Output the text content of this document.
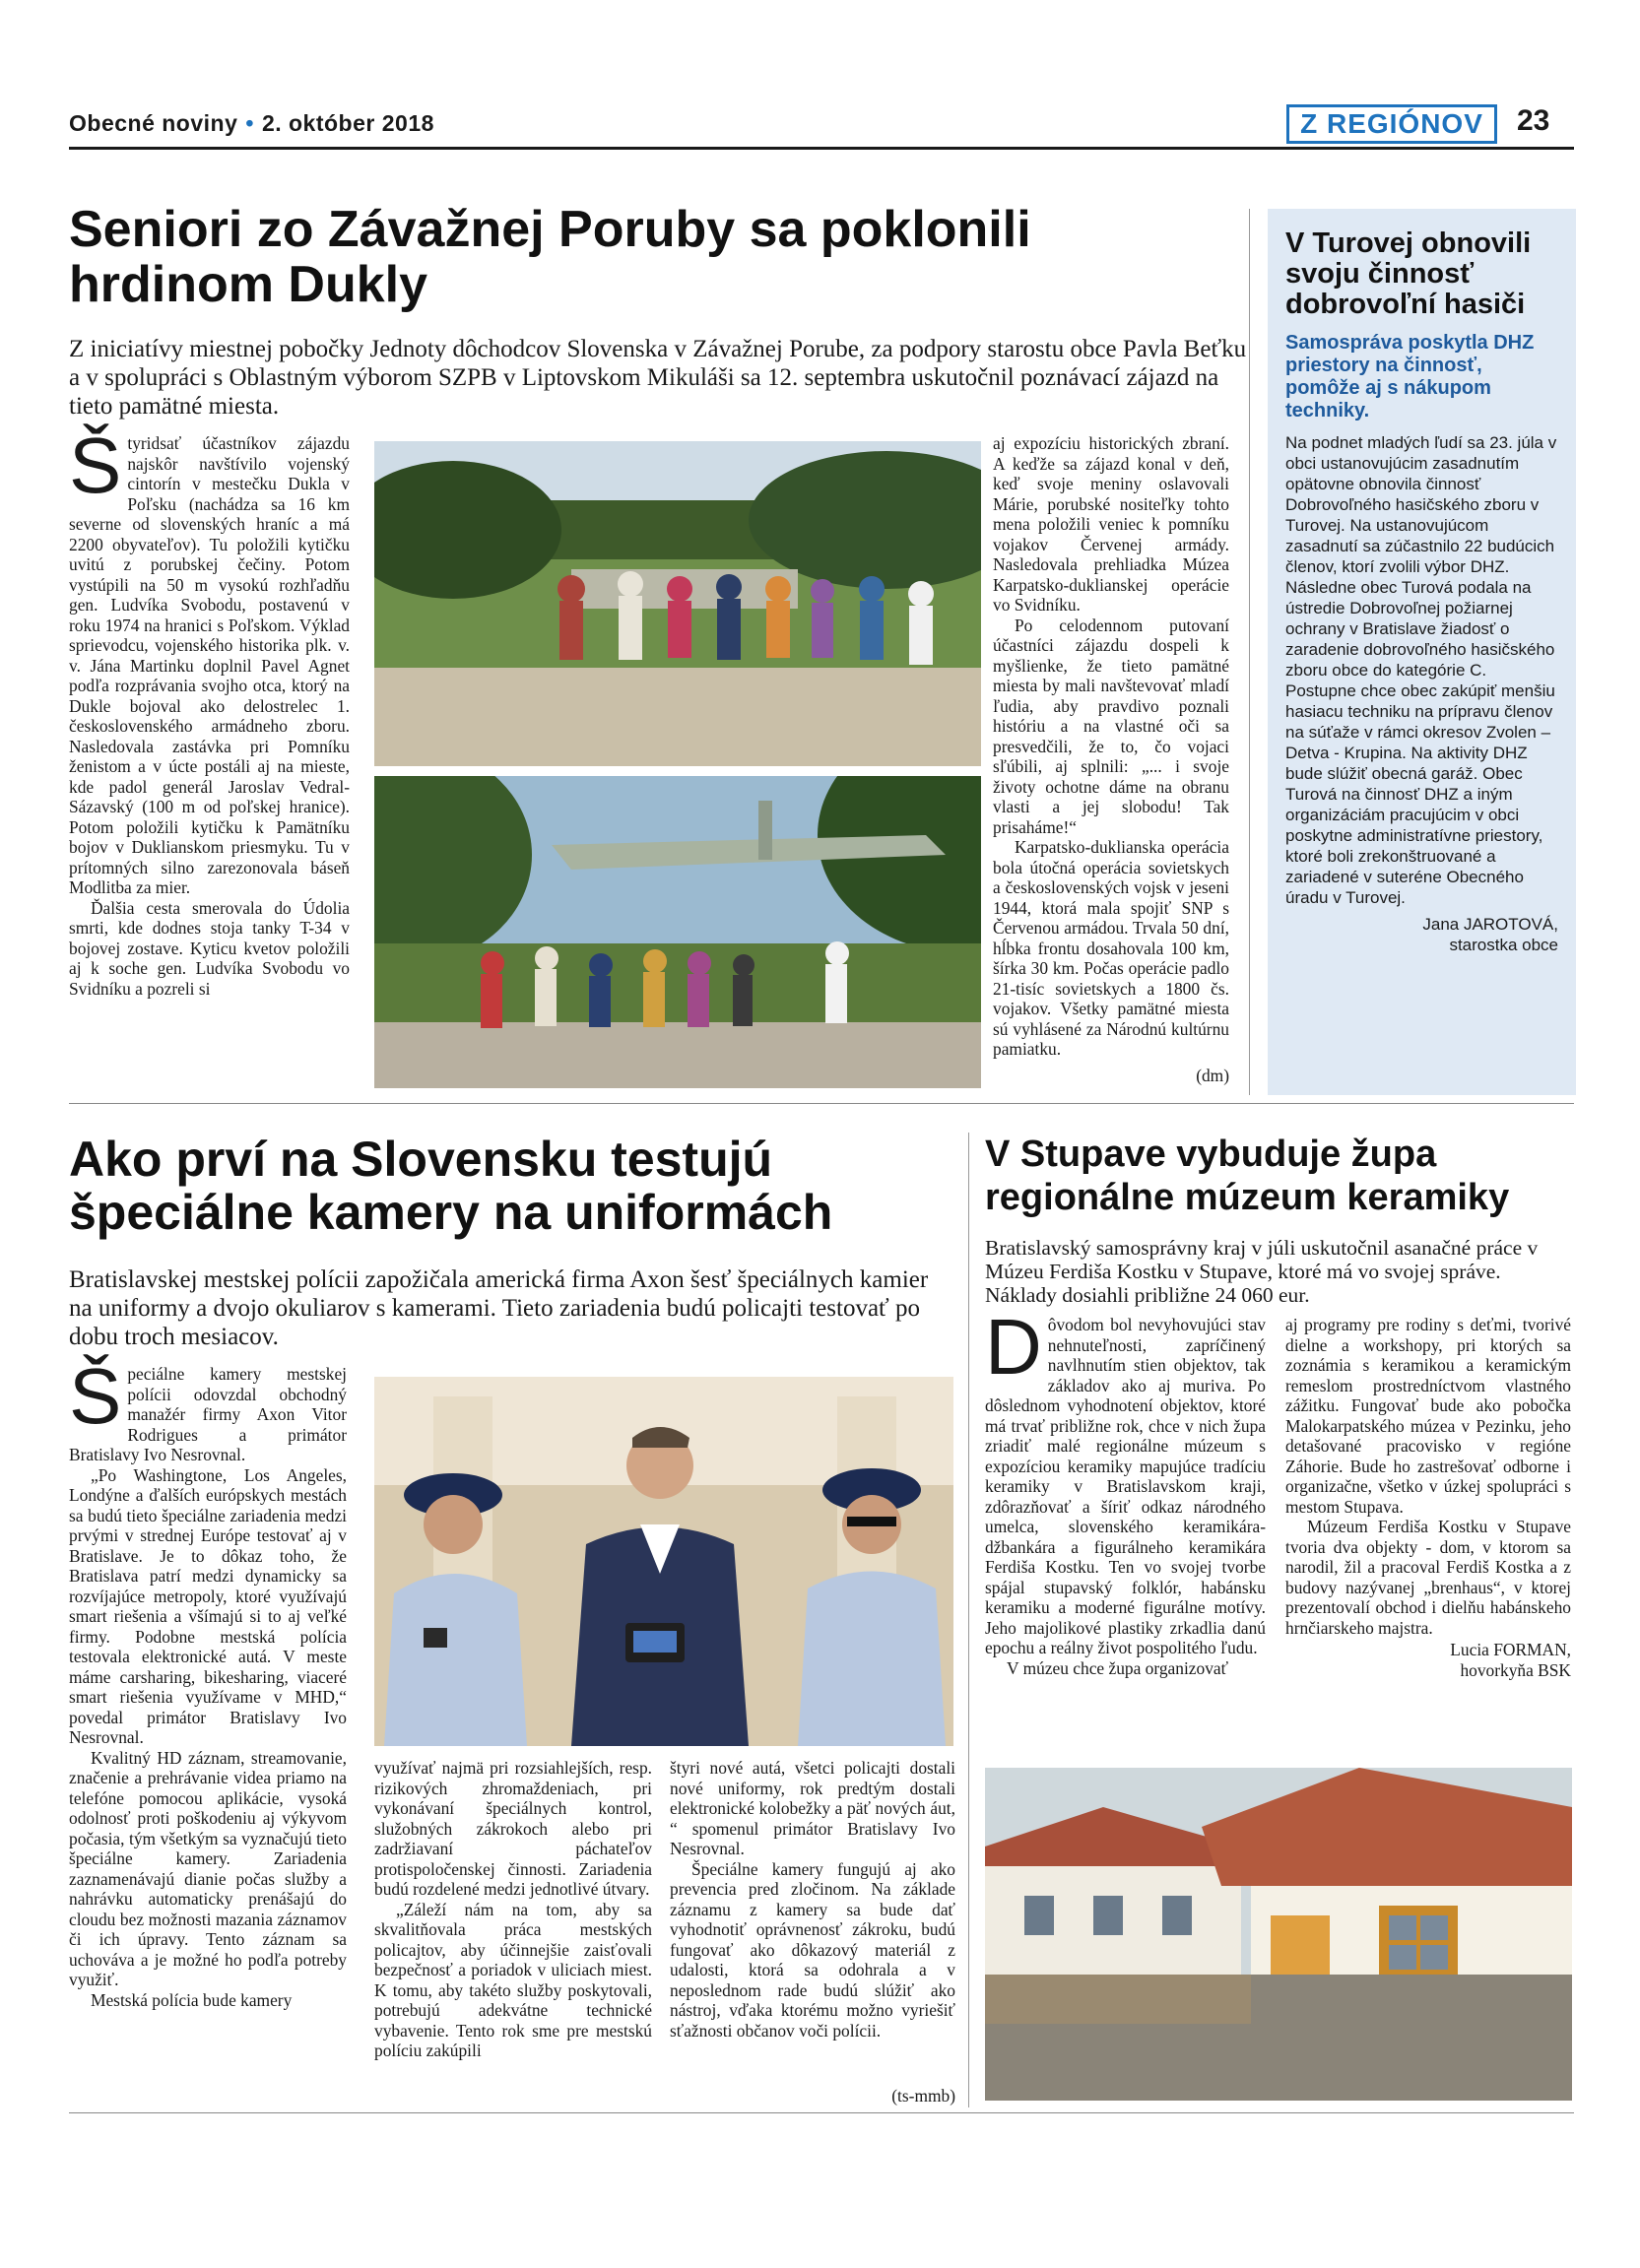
Obecné noviny • 2. október 2018	Z REGIÓNOV	23
Seniori zo Závažnej Poruby sa poklonili
hrdinom Dukly
Z iniciatívy miestnej pobočky Jednoty dôchodcov Slovenska v Závažnej Porube, za podpory starostu obce Pavla Beťku a v spolupráci s Oblastným výborom SZPB v Liptovskom Mikuláši sa 12. septembra uskutočnil poznávací zájazd na tieto pamätné miesta.
Š tyridsať účastníkov zájazdu najskôr navštívilo vojenský cintorín v mestečku Dukla v Poľsku (nachádza sa 16 km severne od slovenských hraníc a má 2200 obyvateľov). Tu položili kytičku uvitú z porubskej čečiny. Potom vystúpili na 50 m vysokú rozhľadňu gen. Ludvíka Svobodu, postavenú v roku 1974 na hranici s Poľskom. Výklad sprievodcu, vojenského historika plk. v. v. Jána Martinku doplnil Pavel Agnet podľa rozprávania svojho otca, ktorý na Dukle bojoval ako delostrelec 1. československého armádneho zboru. Nasledovala zastávka pri Pomníku ženistom a v úcte postáli aj na mieste, kde padol generál Jaroslav Vedral-Sázavský (100 m od poľskej hranice). Potom položili kytičku k Pamätníku bojov v Duklianskom priesmyku. Tu v prítomných silno zarezonovala báseň Modlitba za mier.

Ďalšia cesta smerovala do Údolia smrti, kde dodnes stoja tanky T-34 v bojovej zostave. Kyticu kvetov položili aj k soche gen. Ludvíka Svobodu vo Svidníku a pozreli si

aj expozíciu historických zbraní. A keďže sa zájazd konal v deň, keď svoje meniny oslavovali Márie, porubské nositeľky tohto mena položili veniec k pomníku vojakov Červenej armády. Nasledovala prehliadka Múzea Karpatsko-duklianskej operácie vo Svidníku.

Po celodennom putovaní účastníci zájazdu dospeli k myšlienke, že tieto pamätné miesta by mali navštevovať mladí ľudia, aby pravdivo poznali históriu a na vlastné oči sa presvedčili, že to, čo vojaci sľúbili, aj splnili: „... i svoje životy ochotne dáme na obranu vlasti a jej slobodu! Tak prisaháme!“

Karpatsko-duklianska operácia bola útočná operácia sovietskych a československých vojsk v jeseni 1944, ktorá mala spojiť SNP s Červenou armádou. Trvala 50 dní, hĺbka frontu dosahovala 100 km, šírka 30 km. Počas operácie padlo 21-tisíc sovietskych a 1800 čs. vojakov. Všetky pamätné miesta sú vyhlásené za Národnú kultúrnu pamiatku.

(dm)
V Turovej obnovili svoju činnosť dobrovoľní hasiči
Samospráva poskytla DHZ priestory na činnosť, pomôže aj s nákupom techniky.
Na podnet mladých ľudí sa 23. júla v obci ustanovujúcim zasadnutím opätovne obnovila činnosť Dobrovoľného hasičského zboru v Turovej. Na ustanovujúcom zasadnutí sa zúčastnilo 22 budúcich členov, ktorí zvolili výbor DHZ. Následne obec Turová podala na ústredie Dobrovoľnej požiarnej ochrany v Bratislave žiadosť o zaradenie dobrovoľného hasičského zboru obce do kategórie C. Postupne chce obec zakúpiť menšiu hasiacu techniku na prípravu členov na súťaže v rámci okresov Zvolen – Detva - Krupina. Na aktivity DHZ bude slúžiť obecná garáž. Obec Turová na činnosť DHZ a iným organizáciám pracujúcim v obci poskytne administratívne priestory, ktoré boli zrekonštruované a zariadené v suteréne Obecného úradu v Turovej.
Jana JAROTOVÁ,
starostka obce
Ako prví na Slovensku testujú
špeciálne kamery na uniformách
Bratislavskej mestskej polícii zapožičala americká firma Axon šesť špeciálnych kamier na uniformy a dvojo okuliarov s kamerami. Tieto zariadenia budú policajti testovať po dobu troch mesiacov.
Š peciálne kamery mestskej polícii odovzdal obchodný manažér firmy Axon Vitor Rodrigues a primátor Bratislavy Ivo Nesrovnal.

„Po Washingtone, Los Angeles, Londýne a ďalších európskych mestách sa budú tieto špeciálne zariadenia medzi prvými v strednej Európe testovať aj v Bratislave. Je to dôkaz toho, že Bratislava patrí medzi dynamicky sa rozvíjajúce metropoly, ktoré využívajú smart riešenia a všímajú si to aj veľké firmy. Podobne mestská polícia testovala elektronické autá. V meste máme carsharing, bikesharing, viaceré smart riešenia využívame v MHD,“ povedal primátor Bratislavy Ivo Nesrovnal.

Kvalitný HD záznam, streamovanie, značenie a prehrávanie videa priamo na telefóne pomocou aplikácie, vysoká odolnosť proti poškodeniu aj výkyvom počasia, tým všetkým sa vyznačujú tieto špeciálne kamery. Zariadenia zaznamenávajú dianie počas služby a nahrávku automaticky prenášajú do cloudu bez možnosti mazania záznamov či ich úpravy. Tento záznam sa uchováva a je možné ho podľa potreby využiť.

Mestská polícia bude kamery

využívať najmä pri rozsiahlejších, resp. rizikových zhromaždeniach, pri vykonávaní špeciálnych kontrol, služobných zákrokoch alebo pri zadržiavaní páchateľov protispoločenskej činnosti. Zariadenia budú rozdelené medzi jednotlivé útvary.

„Záleží nám na tom, aby sa skvalitňovala práca mestských policajtov, aby účinnejšie zaisťovali bezpečnosť a poriadok v uliciach miest. K tomu, aby takéto služby poskytovali, potrebujú adekvátne technické vybavenie. Tento rok sme pre mestskú políciu zakúpili

štyri nové autá, všetci policajti dostali nové uniformy, rok predtým dostali elektronické kolobežky a päť nových áut, “ spomenul primátor Bratislavy Ivo Nesrovnal.

Špeciálne kamery fungujú aj ako prevencia pred zločinom. Na základe záznamu z kamery sa bude dať vyhodnotiť oprávnenosť zákroku, budú fungovať ako dôkazový materiál z udalosti, ktorá sa odohrala a v neposlednom rade budú slúžiť ako nástroj, vďaka ktorému možno vyriešiť sťažnosti občanov voči polícii.

(ts-mmb)
V Stupave vybuduje župa
regionálne múzeum keramiky
Bratislavský samosprávny kraj v júli uskutočnil asanačné práce v Múzeu Ferdiša Kostku v Stupave, ktoré má vo svojej správe. Náklady dosiahli približne 24 060 eur.
D ôvodom bol nevyhovujúci stav nehnuteľnosti, zapríčinený navlhnutím stien objektov, tak základov ako aj muriva. Po dôslednom vyhodnotení objektov, ktoré má trvať približne rok, chce v nich župa zriadiť malé regionálne múzeum s expozíciou keramiky mapujúce tradíciu keramiky v Bratislavskom kraji, zdôrazňovať a šíriť odkaz národného umelca, slovenského keramikára-džbankára a figurálneho keramikára Ferdiša Kostku. Ten vo svojej tvorbe spájal stupavský folklór, habánsku keramiku a moderné figurálne motívy. Jeho majolikové plastiky zrkadlia danú epochu a reálny život pospolitého ľudu.

V múzeu chce župa organizovať

aj programy pre rodiny s deťmi, tvorivé dielne a workshopy, pri ktorých sa zoznámia s keramikou a keramickým remeslom prostredníctvom vlastného zážitku. Fungovať bude ako pobočka Malokarpatského múzea v Pezinku, jeho detašované pracovisko v regióne Záhorie. Bude ho zastrešovať odborne i organizačne, všetko v úzkej spolupráci s mestom Stupava.

Múzeum Ferdiša Kostku v Stupave tvoria dva objekty - dom, v ktorom sa narodil, žil a pracoval Ferdiš Kostka a z budovy nazývanej „brenhaus“, v ktorej prezentovalí obchod i dielňu habánskeho hrnčiarskeho majstra.

Lucia FORMAN,
hovorkyňa BSK
